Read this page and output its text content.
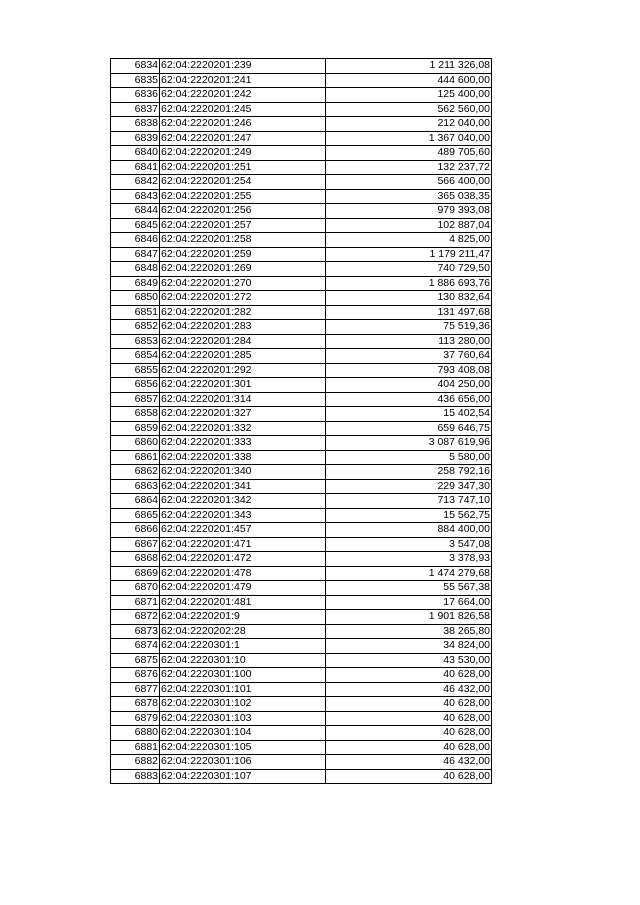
6834	62:04:2220201:239	1 211 326,08
6835	62:04:2220201:241	444 600,00
6836	62:04:2220201:242	125 400,00
6837	62:04:2220201:245	562 560,00
6838	62:04:2220201:246	212 040,00
6839	62:04:2220201:247	1 367 040,00
6840	62:04:2220201:249	489 705,60
6841	62:04:2220201:251	132 237,72
6842	62:04:2220201:254	566 400,00
6843	62:04:2220201:255	365 038,35
6844	62:04:2220201:256	979 393,08
6845	62:04:2220201:257	102 887,04
6846	62:04:2220201:258	4 825,00
6847	62:04:2220201:259	1 179 211,47
6848	62:04:2220201:269	740 729,50
6849	62:04:2220201:270	1 886 693,76
6850	62:04:2220201:272	130 832,64
6851	62:04:2220201:282	131 497,68
6852	62:04:2220201:283	75 519,36
6853	62:04:2220201:284	113 280,00
6854	62:04:2220201:285	37 760,64
6855	62:04:2220201:292	793 408,08
6856	62:04:2220201:301	404 250,00
6857	62:04:2220201:314	436 656,00
6858	62:04:2220201:327	15 402,54
6859	62:04:2220201:332	659 646,75
6860	62:04:2220201:333	3 087 619,96
6861	62:04:2220201:338	5 580,00
6862	62:04:2220201:340	258 792,16
6863	62:04:2220201:341	229 347,30
6864	62:04:2220201:342	713 747,10
6865	62:04:2220201:343	15 562,75
6866	62:04:2220201:457	884 400,00
6867	62:04:2220201:471	3 547,08
6868	62:04:2220201:472	3 378,93
6869	62:04:2220201:478	1 474 279,68
6870	62:04:2220201:479	55 567,38
6871	62:04:2220201:481	17 664,00
6872	62:04:2220201:9	1 901 826,58
6873	62:04:2220202:28	38 265,80
6874	62:04:2220301:1	34 824,00
6875	62:04:2220301:10	43 530,00
6876	62:04:2220301:100	40 628,00
6877	62:04:2220301:101	46 432,00
6878	62:04:2220301:102	40 628,00
6879	62:04:2220301:103	40 628,00
6880	62:04:2220301:104	40 628,00
6881	62:04:2220301:105	40 628,00
6882	62:04:2220301:106	46 432,00
6883	62:04:2220301:107	40 628,00
